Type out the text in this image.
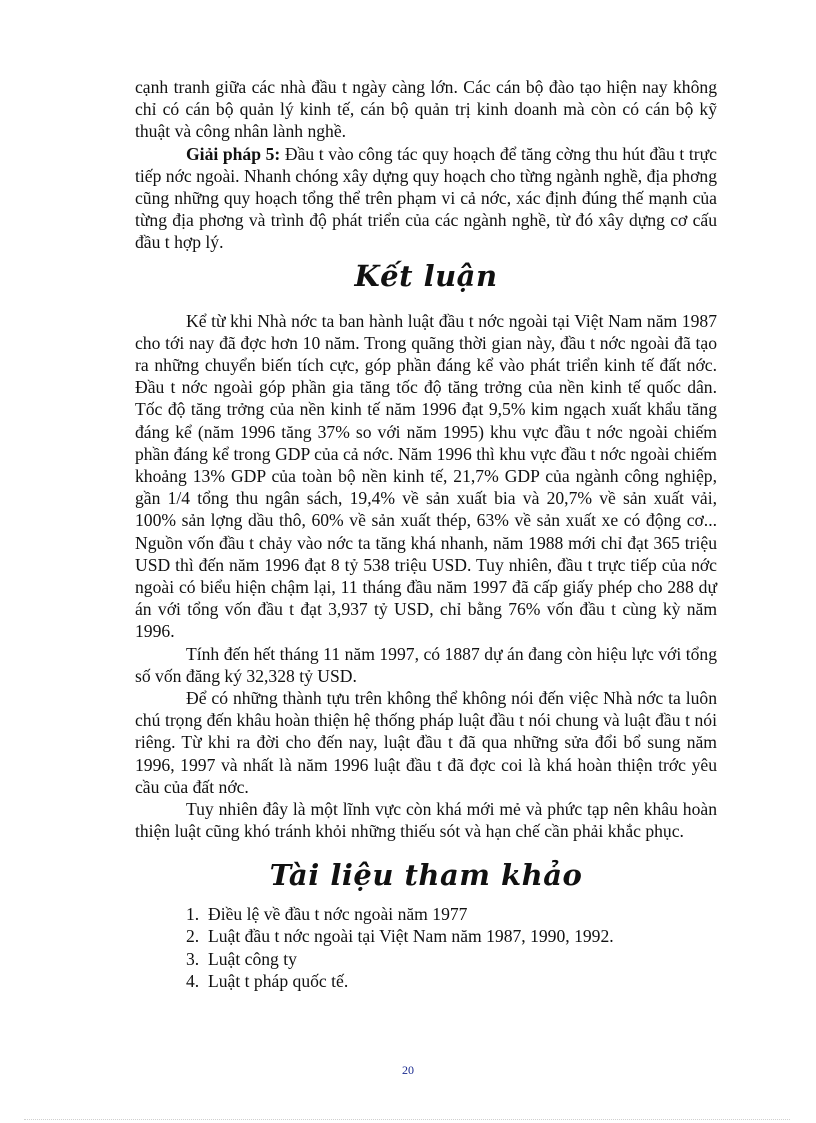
cạnh tranh giữa các nhà đầu t ngày càng lớn. Các cán bộ đào tạo hiện nay không chỉ có cán bộ quản lý kinh tế, cán bộ quản trị kinh doanh mà còn có cán bộ kỹ thuật và công nhân lành nghề.

Giải pháp 5: Đầu t vào công tác quy hoạch để tăng cờng thu hút đầu t trực tiếp nớc ngoài. Nhanh chóng xây dựng quy hoạch cho từng ngành nghề, địa phơng cũng những quy hoạch tổng thể trên phạm vi cả nớc, xác định đúng thế mạnh của từng địa phơng và trình độ phát triển của các ngành nghề, từ đó xây dựng cơ cấu đầu t hợp lý.

Kết luận

Kể từ khi Nhà nớc ta ban hành luật đầu t nớc ngoài tại Việt Nam năm 1987 cho tới nay đã đợc hơn 10 năm. Trong quãng thời gian này, đầu t nớc ngoài đã tạo ra những chuyển biến tích cực, góp phần đáng kể vào phát triển kinh tế đất nớc. Đầu t nớc ngoài góp phần gia tăng tốc độ tăng trởng của nền kinh tế quốc dân. Tốc độ tăng trởng của nền kinh tế năm 1996 đạt 9,5% kim ngạch xuất khẩu tăng đáng kể (năm 1996 tăng 37% so với năm 1995) khu vực đầu t nớc ngoài chiếm phần đáng kể trong GDP của cả nớc. Năm 1996 thì khu vực đầu t nớc ngoài chiếm khoảng 13% GDP của toàn bộ nền kinh tế, 21,7% GDP của ngành công nghiệp, gần 1/4 tổng thu ngân sách, 19,4% về sản xuất bia và 20,7% về sản xuất vải, 100% sản lợng dầu thô, 60% về sản xuất thép, 63% về sản xuất xe có động cơ... Nguồn vốn đầu t chảy vào nớc ta tăng khá nhanh, năm 1988 mới chỉ đạt 365 triệu USD thì đến năm 1996 đạt 8 tỷ 538 triệu USD. Tuy nhiên, đầu t trực tiếp của nớc ngoài có biểu hiện chậm lại, 11 tháng đầu năm 1997 đã cấp giấy phép cho 288 dự án với tổng vốn đầu t đạt 3,937 tỷ USD, chỉ bằng 76% vốn đầu t cùng kỳ năm 1996.

Tính đến hết tháng 11 năm 1997, có 1887 dự án đang còn hiệu lực với tổng số vốn đăng ký 32,328 tỷ USD.

Để có những thành tựu trên không thể không nói đến việc Nhà nớc ta luôn chú trọng đến khâu hoàn thiện hệ thống pháp luật đầu t nói chung và luật đầu t nói riêng. Từ khi ra đời cho đến nay, luật đầu t đã qua những sửa đổi bổ sung năm 1996, 1997 và nhất là năm 1996 luật đầu t đã đợc coi là khá hoàn thiện trớc yêu cầu của đất nớc.

Tuy nhiên đây là một lĩnh vực còn khá mới mẻ và phức tạp nên khâu hoàn thiện luật cũng khó tránh khỏi những thiếu sót và hạn chế cần phải khắc phục.

Tài liệu tham khảo
1. Điều lệ về đầu t nớc ngoài năm 1977
2. Luật đầu t nớc ngoài tại Việt Nam năm 1987, 1990, 1992.
3. Luật công ty
4. Luật t pháp quốc tế.
20
